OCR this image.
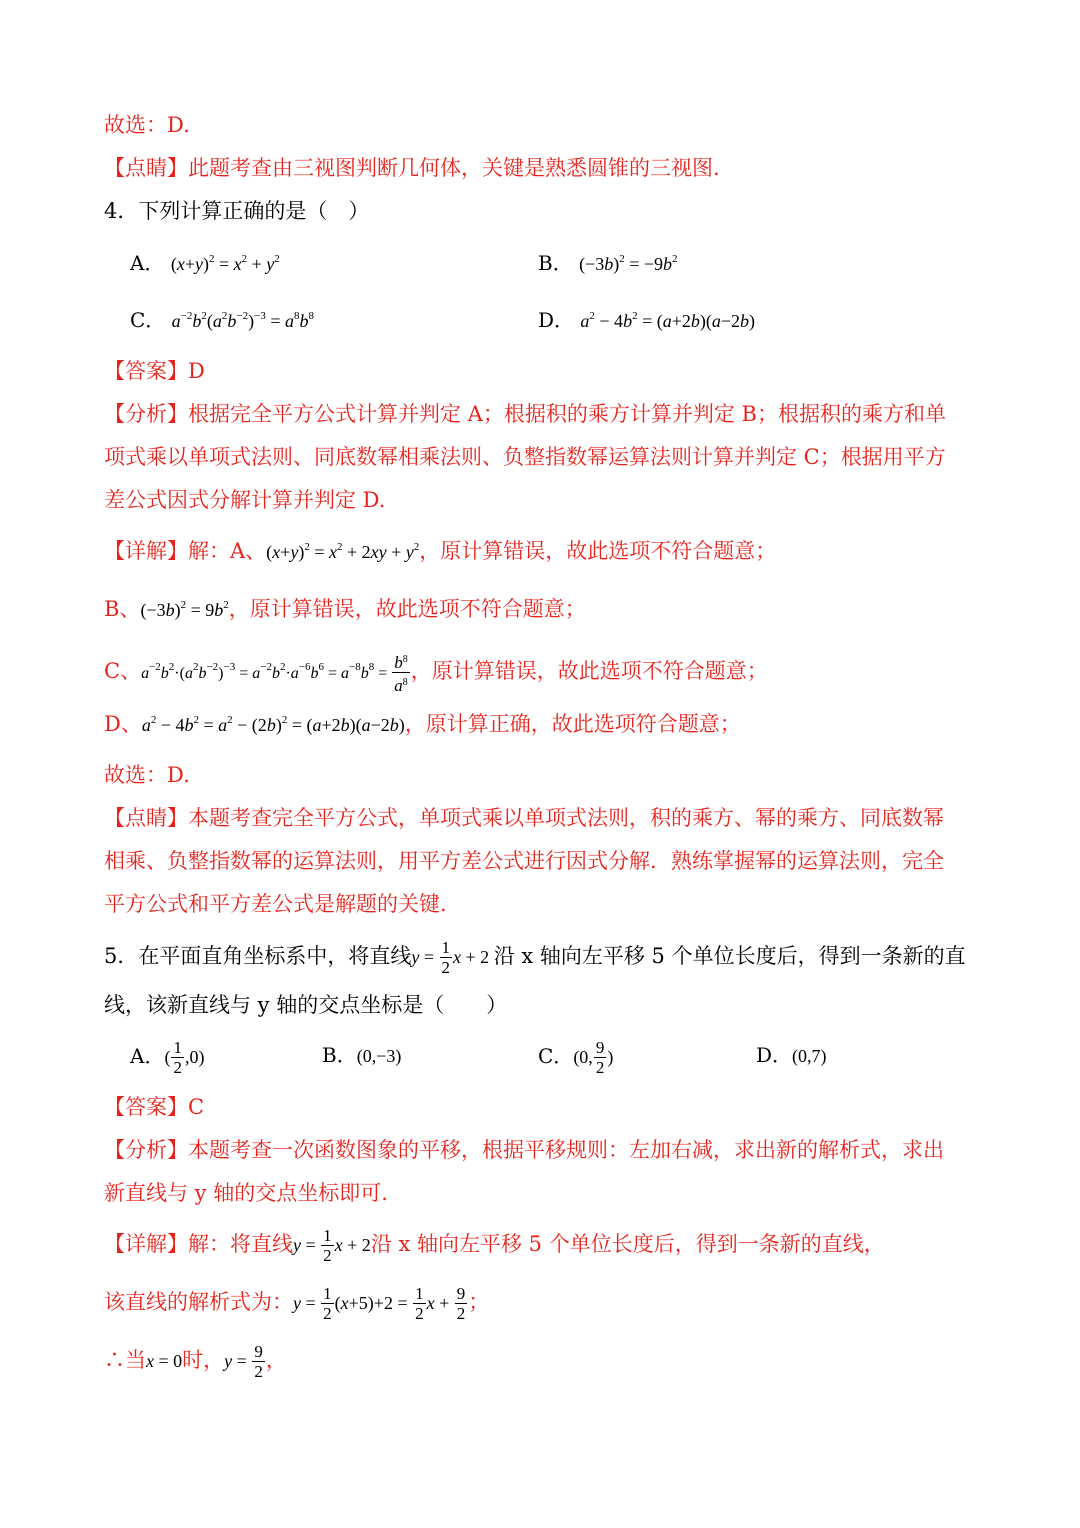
故选：D.
【点睛】此题考查由三视图判断几何体，关键是熟悉圆锥的三视图.
4．下列计算正确的是（　）
A． $(x+y)^2 = x^2 + y^2$	B． $(-3b)^2 = -9b^2$
C． $a^{-2}b^2(a^2b^{-2})^{-3} = a^8b^8$	D． $a^2 - 4b^2 = (a+2b)(a-2b)$
【答案】D
【分析】根据完全平方公式计算并判定 A；根据积的乘方计算并判定 B；根据积的乘方和单
项式乘以单项式法则、同底数幂相乘法则、负整指数幂运算法则计算并判定 C；根据用平方
差公式因式分解计算并判定 D.
【详解】解：A、$(x+y)^2 = x^2 + 2xy + y^2$，原计算错误，故此选项不符合题意；
B、$(-3b)^2 = 9b^2$，原计算错误，故此选项不符合题意；
C、$a^{-2}b^2\cdot(a^2b^{-2})^{-3} = a^{-2}b^2\cdot a^{-6}b^6 = a^{-8}b^8 = \frac{b^8}{a^8}$ ，原计算错误，故此选项不符合题意；
D、$a^2 - 4b^2 = a^2 - (2b)^2 = (a+2b)(a-2b)$，原计算正确，故此选项符合题意；
故选：D.
【点睛】本题考查完全平方公式，单项式乘以单项式法则，积的乘方、幂的乘方、同底数幂
相乘、负整指数幂的运算法则，用平方差公式进行因式分解．熟练掌握幂的运算法则，完全
平方公式和平方差公式是解题的关键.
5．在平面直角坐标系中，将直线$y = \frac{1}{2}$ x + 2 沿 x 轴向左平移 5 个单位长度后，得到一条新的直
线，该新直线与 y 轴的交点坐标是（　　）
A．( $\frac{1}{2} ,0$)	B．(0,−3)	C．(0, $\frac{9}{2}$ )	D．(0,7)
【答案】C
【分析】本题考查一次函数图象的平移，根据平移规则：左加右减，求出新的解析式，求出
新直线与 y 轴的交点坐标即可.
【详解】解：将直线$y = \frac{1}{2}$ x + 2沿 x 轴向左平移 5 个单位长度后，得到一条新的直线，
该直线的解析式为：$y = \frac{1}{2} (x+5)+2 = \frac{1}{2}$ $x + \frac{9}{2}$ ；
∴当x = 0时，$y = \frac{9}{2}$ ，
